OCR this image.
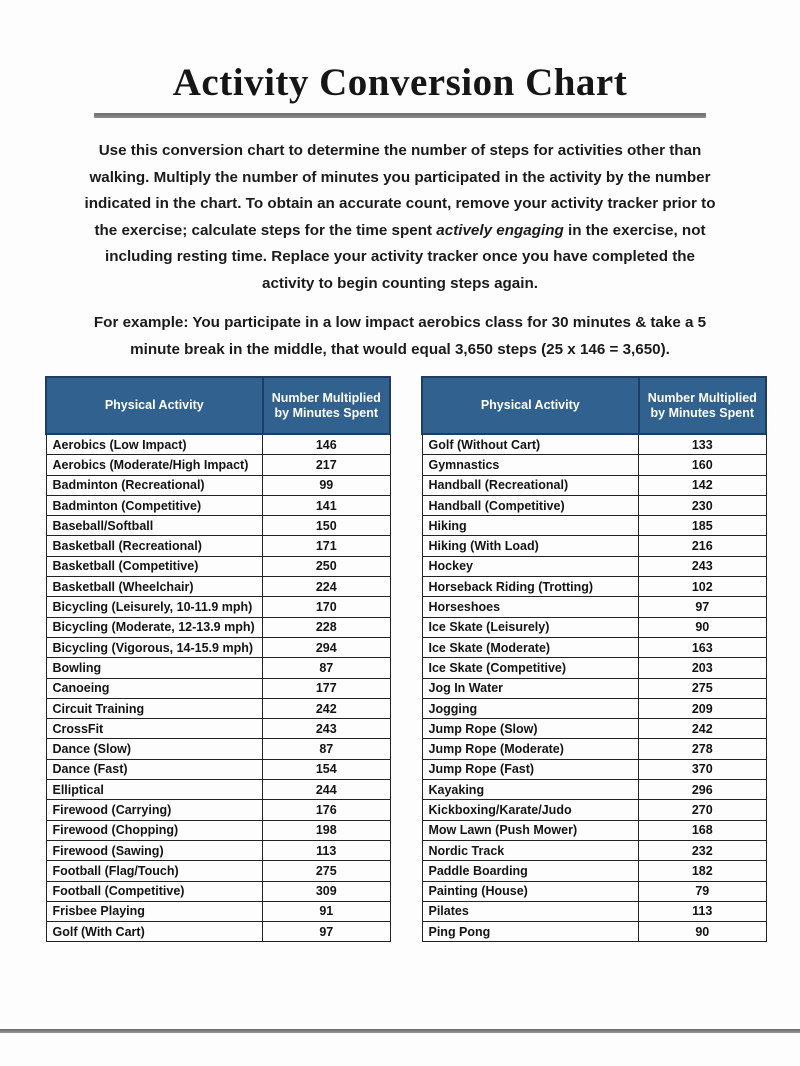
Activity Conversion Chart

Use this conversion chart to determine the number of steps for activities other than walking. Multiply the number of minutes you participated in the activity by the number indicated in the chart. To obtain an accurate count, remove your activity tracker prior to the exercise; calculate steps for the time spent actively engaging in the exercise, not including resting time. Replace your activity tracker once you have completed the activity to begin counting steps again.

For example: You participate in a low impact aerobics class for 30 minutes & take a 5 minute break in the middle, that would equal 3,650 steps (25 x 146 = 3,650).

Physical Activity	Number Multiplied by Minutes Spent
Aerobics (Low Impact)	146
Aerobics (Moderate/High Impact)	217
Badminton (Recreational)	99
Badminton (Competitive)	141
Baseball/Softball	150
Basketball (Recreational)	171
Basketball (Competitive)	250
Basketball (Wheelchair)	224
Bicycling (Leisurely, 10-11.9 mph)	170
Bicycling (Moderate, 12-13.9 mph)	228
Bicycling (Vigorous, 14-15.9 mph)	294
Bowling	87
Canoeing	177
Circuit Training	242
CrossFit	243
Dance (Slow)	87
Dance (Fast)	154
Elliptical	244
Firewood (Carrying)	176
Firewood (Chopping)	198
Firewood (Sawing)	113
Football (Flag/Touch)	275
Football (Competitive)	309
Frisbee Playing	91
Golf (With Cart)	97
Physical Activity	Number Multiplied by Minutes Spent
Golf (Without Cart)	133
Gymnastics	160
Handball (Recreational)	142
Handball (Competitive)	230
Hiking	185
Hiking (With Load)	216
Hockey	243
Horseback Riding (Trotting)	102
Horseshoes	97
Ice Skate (Leisurely)	90
Ice Skate (Moderate)	163
Ice Skate (Competitive)	203
Jog In Water	275
Jogging	209
Jump Rope (Slow)	242
Jump Rope (Moderate)	278
Jump Rope (Fast)	370
Kayaking	296
Kickboxing/Karate/Judo	270
Mow Lawn (Push Mower)	168
Nordic Track	232
Paddle Boarding	182
Painting (House)	79
Pilates	113
Ping Pong	90
